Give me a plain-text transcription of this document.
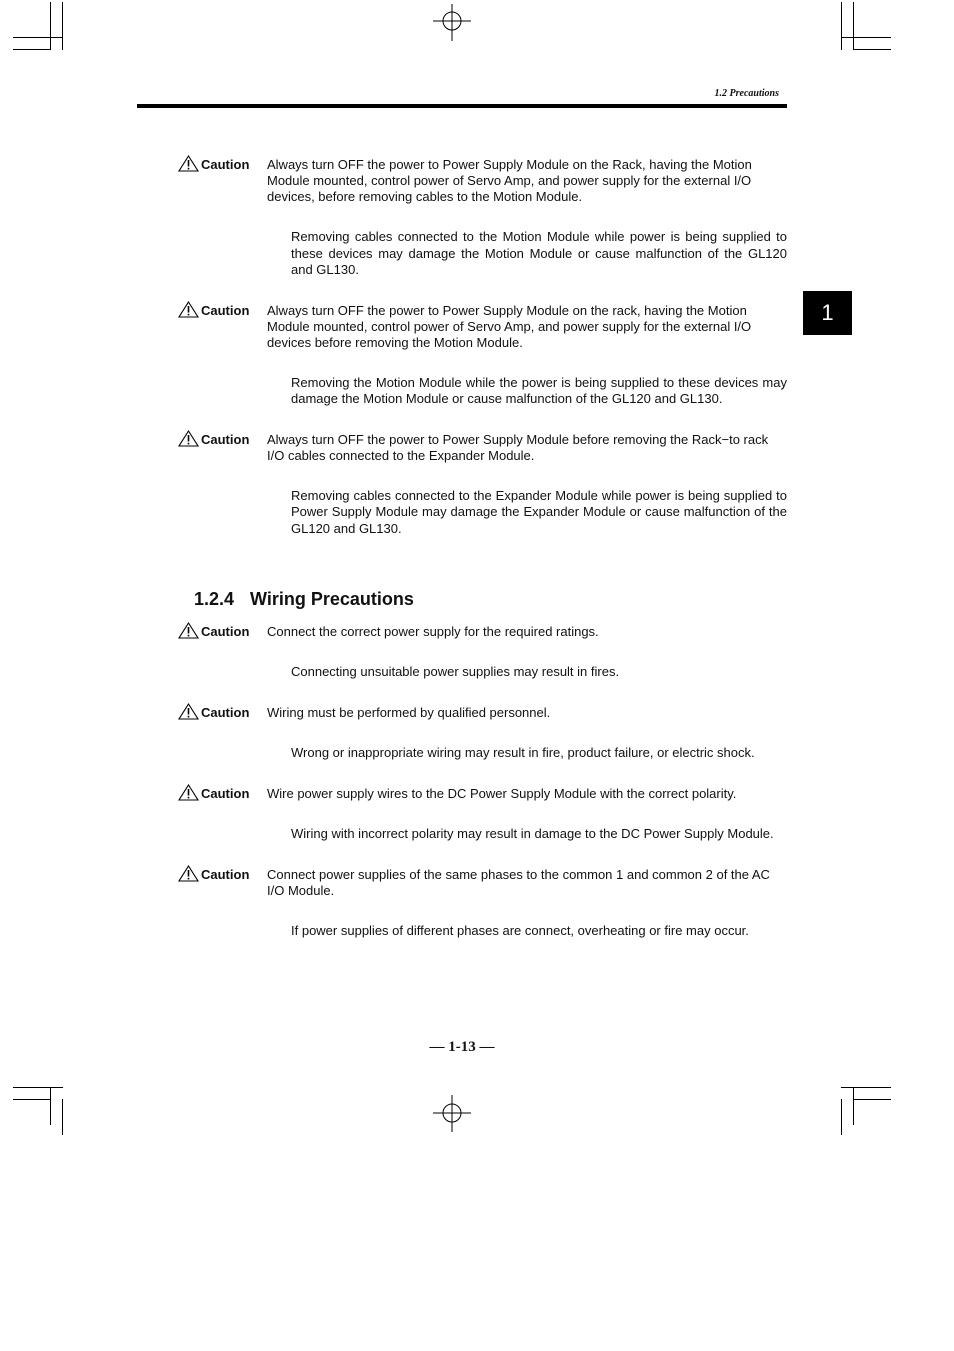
1.2 Precautions
1
Caution Always turn OFF the power to Power Supply Module on the Rack, having the Motion Module mounted, control power of Servo Amp, and power supply for the external I/O devices, before removing cables to the Motion Module.
Removing cables connected to the Motion Module while power is being supplied to these devices may damage the Motion Module or cause malfunction of the GL120 and GL130.
Caution Always turn OFF the power to Power Supply Module on the rack, having the Motion Module mounted, control power of Servo Amp, and power supply for the external I/O devices before removing the Motion Module.
Removing the Motion Module while the power is being supplied to these devices may damage the Motion Module or cause malfunction of the GL120 and GL130.
Caution Always turn OFF the power to Power Supply Module before removing the Rack−to rack I/O cables connected to the Expander Module.
Removing cables connected to the Expander Module while power is being supplied to Power Supply Module may damage the Expander Module or cause malfunction of the GL120 and GL130.
1.2.4 Wiring Precautions
Caution Connect the correct power supply for the required ratings.
Connecting unsuitable power supplies may result in fires.
Caution Wiring must be performed by qualified personnel.
Wrong or inappropriate wiring may result in fire, product failure, or electric shock.
Caution Wire power supply wires to the DC Power Supply Module with the correct polarity.
Wiring with incorrect polarity may result in damage to the DC Power Supply Module.
Caution Connect power supplies of the same phases to the common 1 and common 2 of the AC I/O Module.
If power supplies of different phases are connect, overheating or fire may occur.
— 1-13 —
